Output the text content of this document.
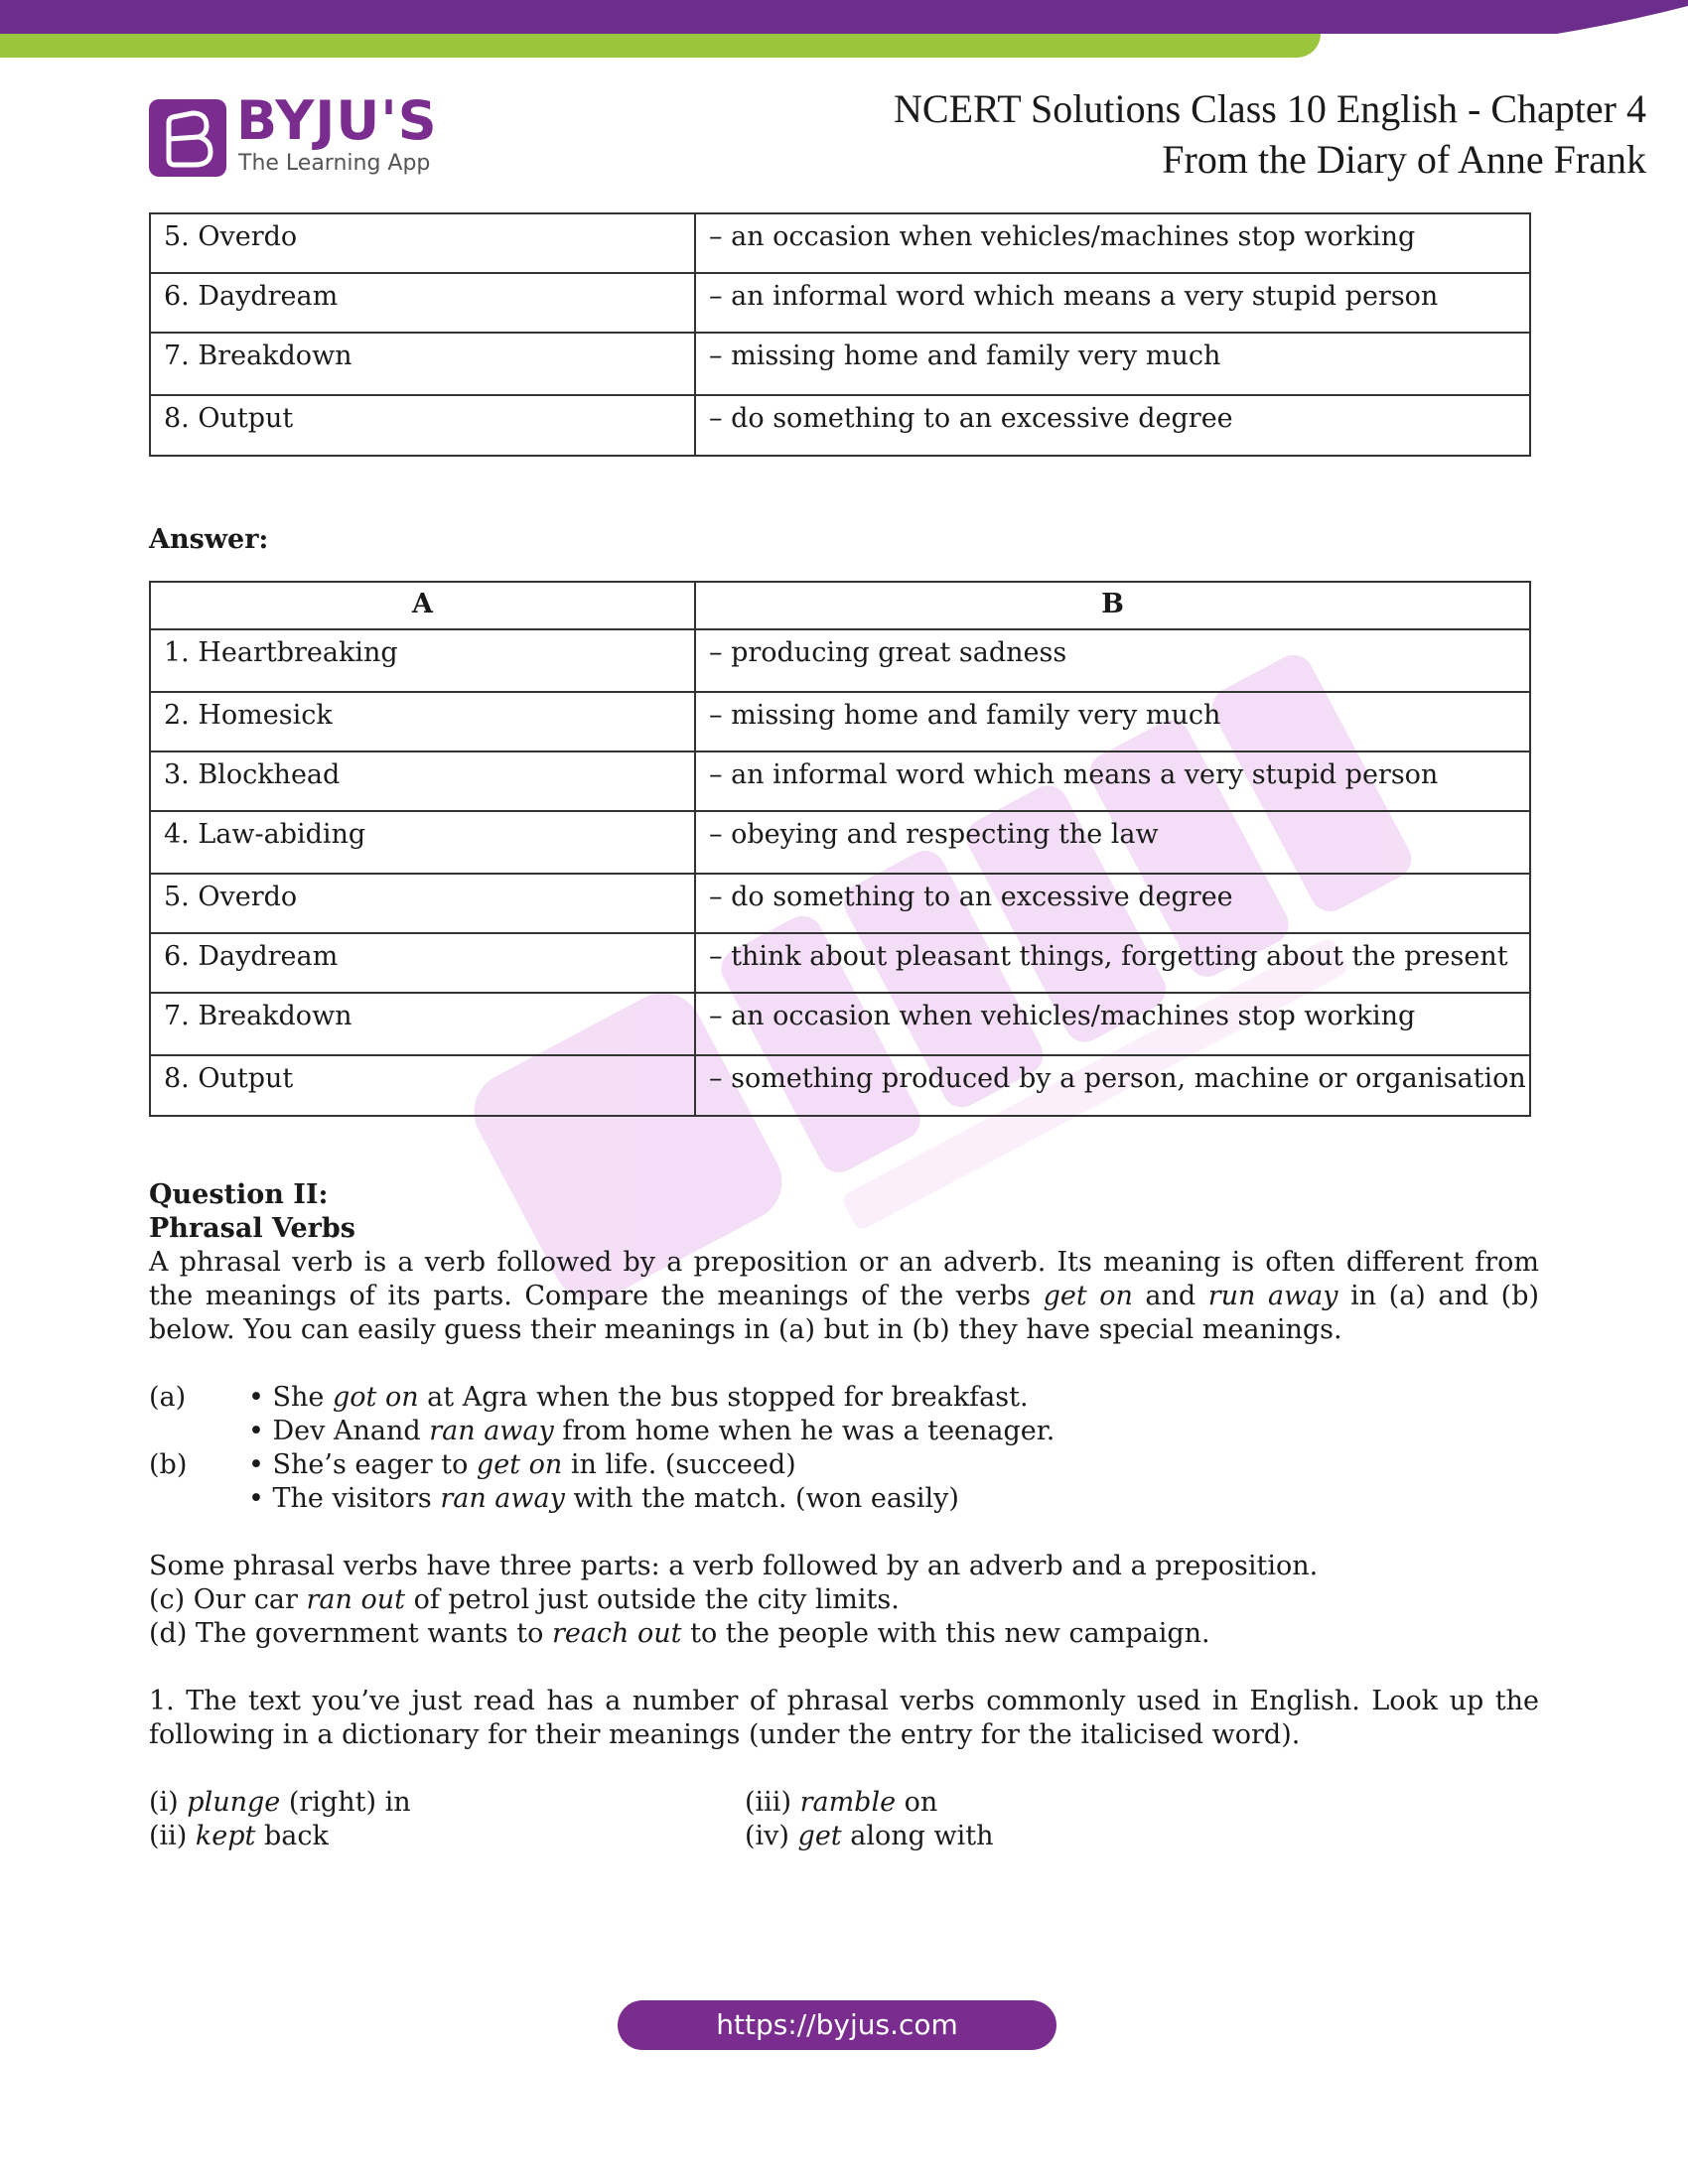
BYJU'S
The Learning App
NCERT Solutions Class 10 English - Chapter 4
From the Diary of Anne Frank
5. Overdo	– an occasion when vehicles/machines stop working
6. Daydream	– an informal word which means a very stupid person
7. Breakdown	– missing home and family very much
8. Output	– do something to an excessive degree
Answer:
A	B
1. Heartbreaking	– producing great sadness
2. Homesick	– missing home and family very much
3. Blockhead	– an informal word which means a very stupid person
4. Law-abiding	– obeying and respecting the law
5. Overdo	– do something to an excessive degree
6. Daydream	– think about pleasant things, forgetting about the present
7. Breakdown	– an occasion when vehicles/machines stop working
8. Output	– something produced by a person, machine or organisation
Question II:
Phrasal Verbs

A phrasal verb is a verb followed by a preposition or an adverb. Its meaning is often different from the meanings of its parts. Compare the meanings of the verbs get on and run away in (a) and (b) below. You can easily guess their meanings in (a) but in (b) they have special meanings.

(a) • She got on at Agra when the bus stopped for breakfast.
• Dev Anand ran away from home when he was a teenager.
(b) • She’s eager to get on in life. (succeed)
• The visitors ran away with the match. (won easily)

Some phrasal verbs have three parts: a verb followed by an adverb and a preposition.

(c) Our car ran out of petrol just outside the city limits.

(d) The government wants to reach out to the people with this new campaign.

1. The text you’ve just read has a number of phrasal verbs commonly used in English. Look up the following in a dictionary for their meanings (under the entry for the italicised word).

(i) plunge (right) in
(ii) kept back
(iii) ramble on
(iv) get along with
https://byjus.com
